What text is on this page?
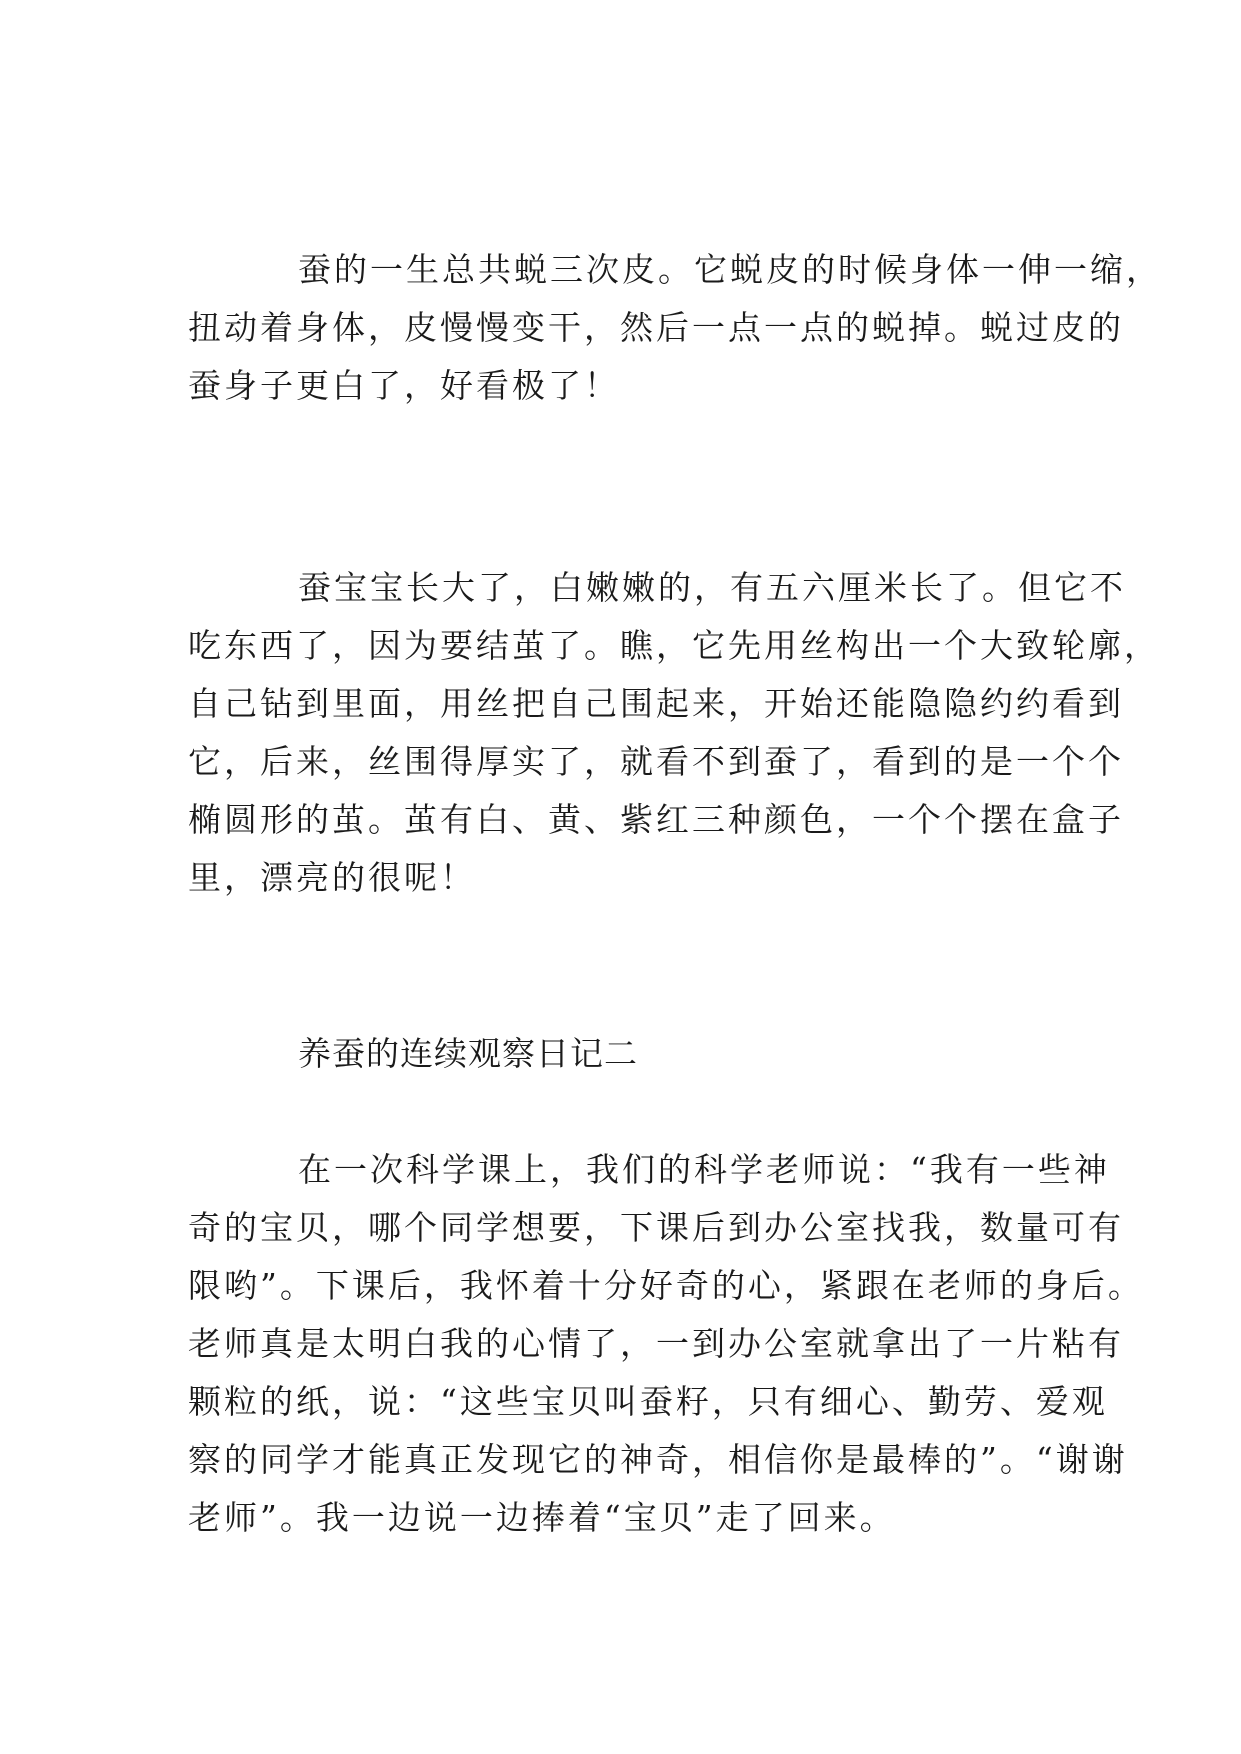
蚕的一生总共蜕三次皮。它蜕皮的时候身体一伸一缩，
扭动着身体，皮慢慢变干，然后一点一点的蜕掉。蜕过皮的
蚕身子更白了，好看极了！
蚕宝宝长大了，白嫩嫩的，有五六厘米长了。但它不
吃东西了，因为要结茧了。瞧，它先用丝构出一个大致轮廓，
自己钻到里面，用丝把自己围起来，开始还能隐隐约约看到
它，后来，丝围得厚实了，就看不到蚕了，看到的是一个个
椭圆形的茧。茧有白、黄、紫红三种颜色，一个个摆在盒子
里，漂亮的很呢！
养蚕的连续观察日记二
在一次科学课上，我们的科学老师说：“我有一些神
奇的宝贝，哪个同学想要，下课后到办公室找我，数量可有
限哟”。下课后，我怀着十分好奇的心，紧跟在老师的身后。
老师真是太明白我的心情了，一到办公室就拿出了一片粘有
颗粒的纸，说：“这些宝贝叫蚕籽，只有细心、勤劳、爱观
察的同学才能真正发现它的神奇，相信你是最棒的”。“谢谢
老师”。我一边说一边捧着“宝贝”走了回来。
